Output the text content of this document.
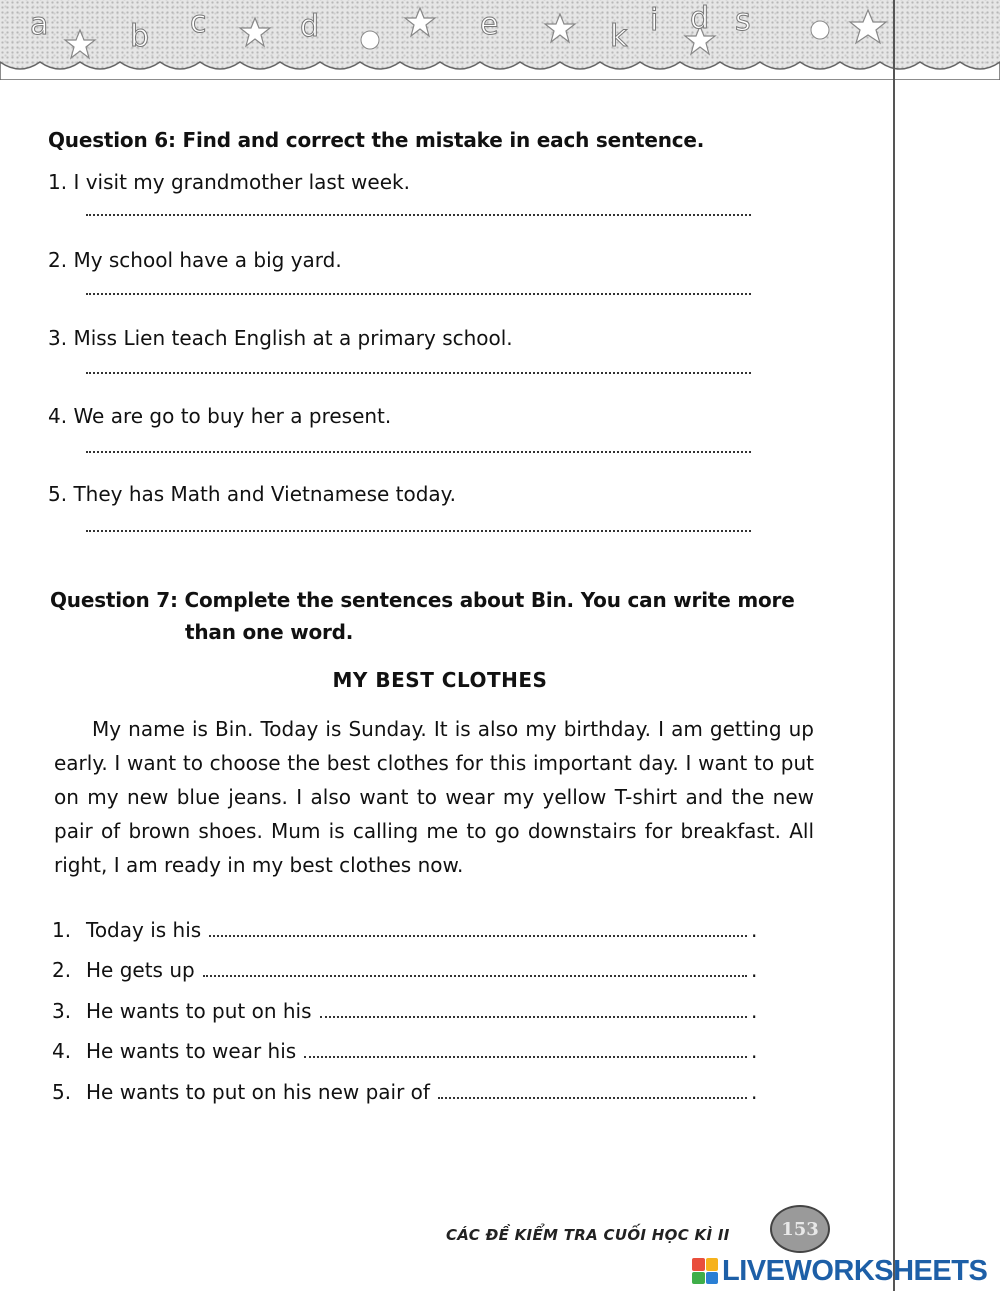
a	b c	d	e	k i d s
Question 6: Find and correct the mistake in each sentence.

1. I visit my grandmother last week.

2. My school have a big yard.

3. Miss Lien teach English at a primary school.

4. We are go to buy her a present.

5. They has Math and Vietnamese today.

Question 7: Complete the sentences about Bin. You can write more
than one word.
MY BEST CLOTHES

My name is Bin. Today is Sunday. It is also my birthday. I am getting up early. I want to choose the best clothes for this important day. I want to put on my new blue jeans. I also want to wear my yellow T-shirt and the new pair of brown shoes. Mum is calling me to go downstairs for breakfast. All right, I am ready in my best clothes now.

1. Today is his	.
2. He gets up	.
3. He wants to put on his	.
4. He wants to wear his	.
5. He wants to put on his new pair of	.
CÁC ĐỀ KIỂM TRA CUỐI HỌC KÌ II	153
LIVEWORKSHEETS
